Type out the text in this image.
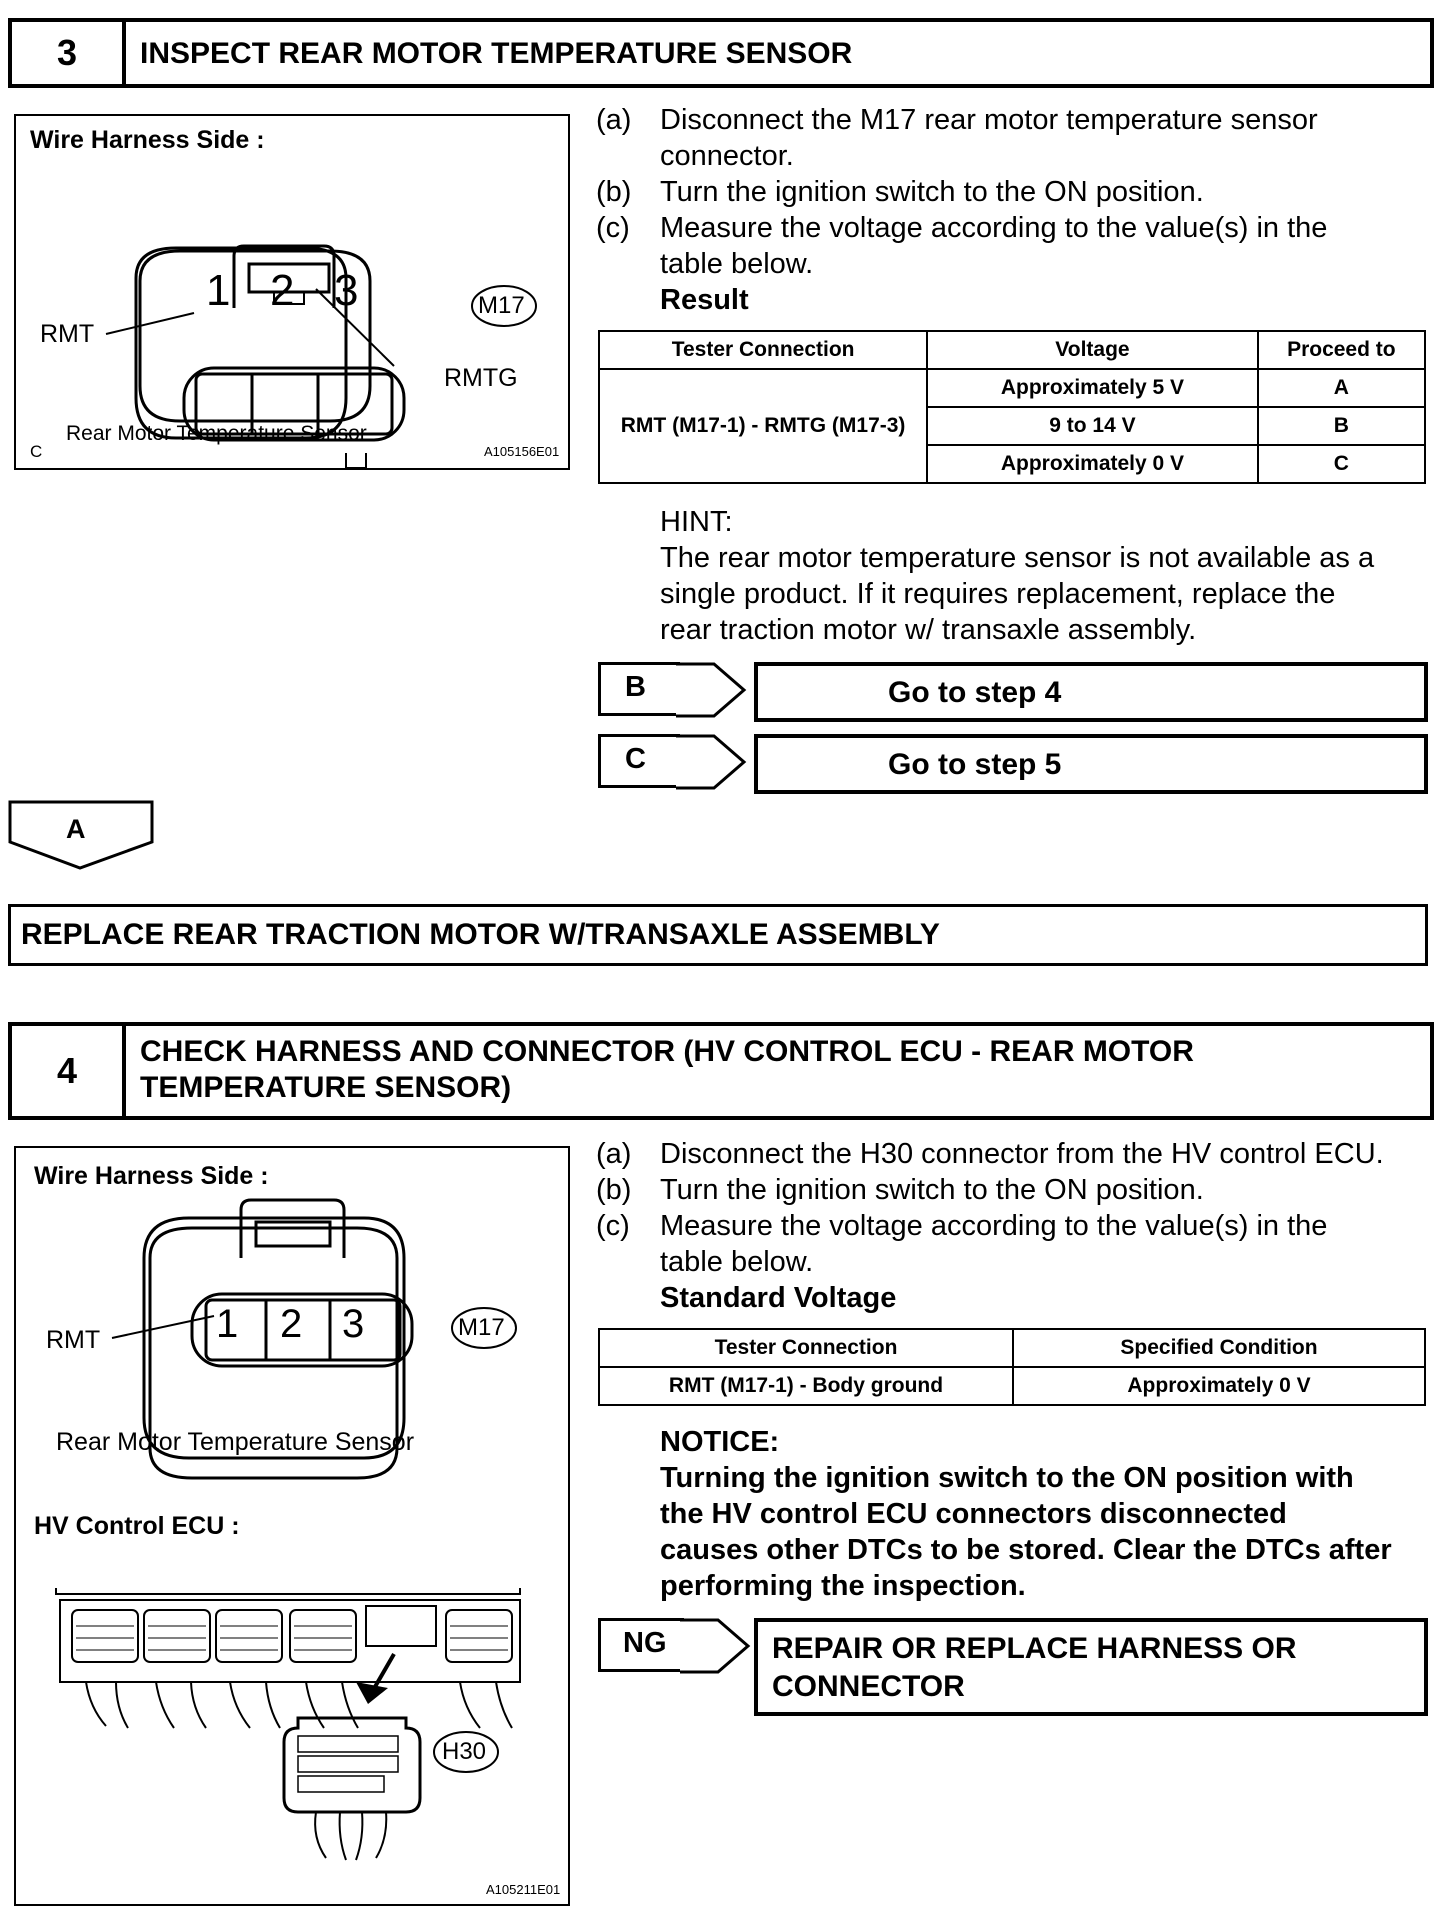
3	INSPECT REAR MOTOR TEMPERATURE SENSOR
Wire Harness Side :
1 2 3	M17
RMT
RMTG
Rear Motor Temperature Sensor
C	A105156E01
(a) Disconnect the M17 rear motor temperature sensor
connector.
(b) Turn the ignition switch to the ON position.
(c)	Measure the voltage according to the value(s) in the
table below.
Result
Tester Connection	Voltage	Proceed to
RMT (M17-1) - RMTG (M17-3)	Approximately 5 V	A
	9 to 14 V	B
	Approximately 0 V	C
HINT:
The rear motor temperature sensor is not available as a
single product. If it requires replacement, replace the
rear traction motor w/ transaxle assembly.
B	Go to step 4
C	Go to step 5
A
REPLACE REAR TRACTION MOTOR W/TRANSAXLE ASSEMBLY
4	CHECK HARNESS AND CONNECTOR (HV CONTROL ECU - REAR MOTOR
TEMPERATURE SENSOR)
Wire Harness Side :
1 2 3	M17
RMT
Rear Motor Temperature Sensor
HV Control ECU :
H30
A105211E01
(a) Disconnect the H30 connector from the HV control ECU.
(b) Turn the ignition switch to the ON position.
(c)	Measure the voltage according to the value(s) in the
table below.
Standard Voltage
Tester Connection	Specified Condition
RMT (M17-1) - Body ground	Approximately 0 V
NOTICE:
Turning the ignition switch to the ON position with
the HV control ECU connectors disconnected
causes other DTCs to be stored. Clear the DTCs after
performing the inspection.
NG	REPAIR OR REPLACE HARNESS OR
CONNECTOR
